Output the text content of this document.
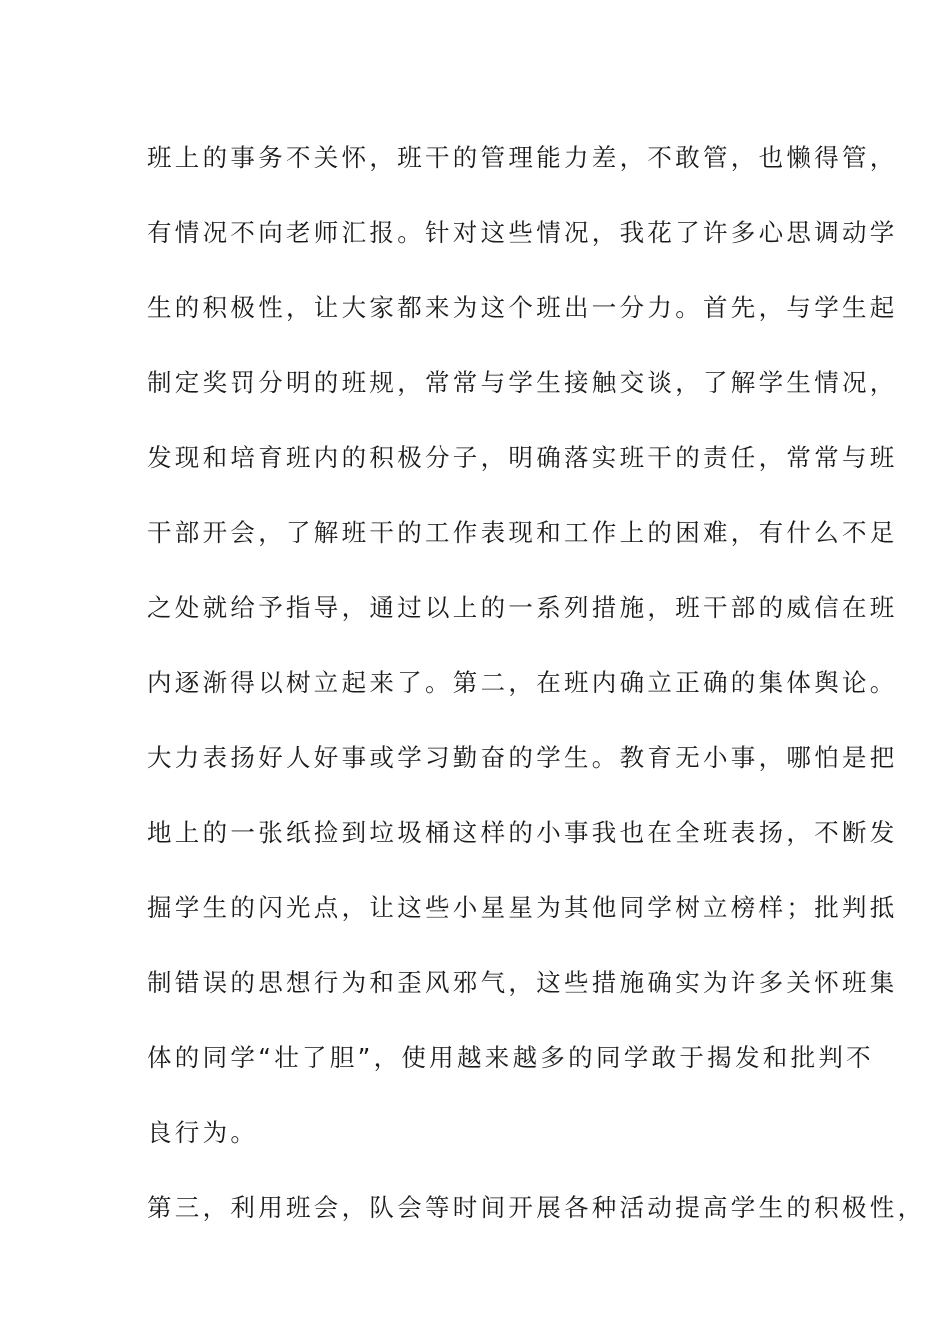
班上的事务不关怀，班干的管理能力差，不敢管，也懒得管，
有情况不向老师汇报。针对这些情况，我花了许多心思调动学
生的积极性，让大家都来为这个班出一分力。首先，与学生起
制定奖罚分明的班规，常常与学生接触交谈，了解学生情况，
发现和培育班内的积极分子，明确落实班干的责任，常常与班
干部开会，了解班干的工作表现和工作上的困难，有什么不足
之处就给予指导，通过以上的一系列措施，班干部的威信在班
内逐渐得以树立起来了。第二，在班内确立正确的集体舆论。
大力表扬好人好事或学习勤奋的学生。教育无小事，哪怕是把
地上的一张纸捡到垃圾桶这样的小事我也在全班表扬，不断发
掘学生的闪光点，让这些小星星为其他同学树立榜样；批判抵
制错误的思想行为和歪风邪气，这些措施确实为许多关怀班集
体的同学“壮了胆”，使用越来越多的同学敢于揭发和批判不
良行为。
第三，利用班会，队会等时间开展各种活动提高学生的积极性，
